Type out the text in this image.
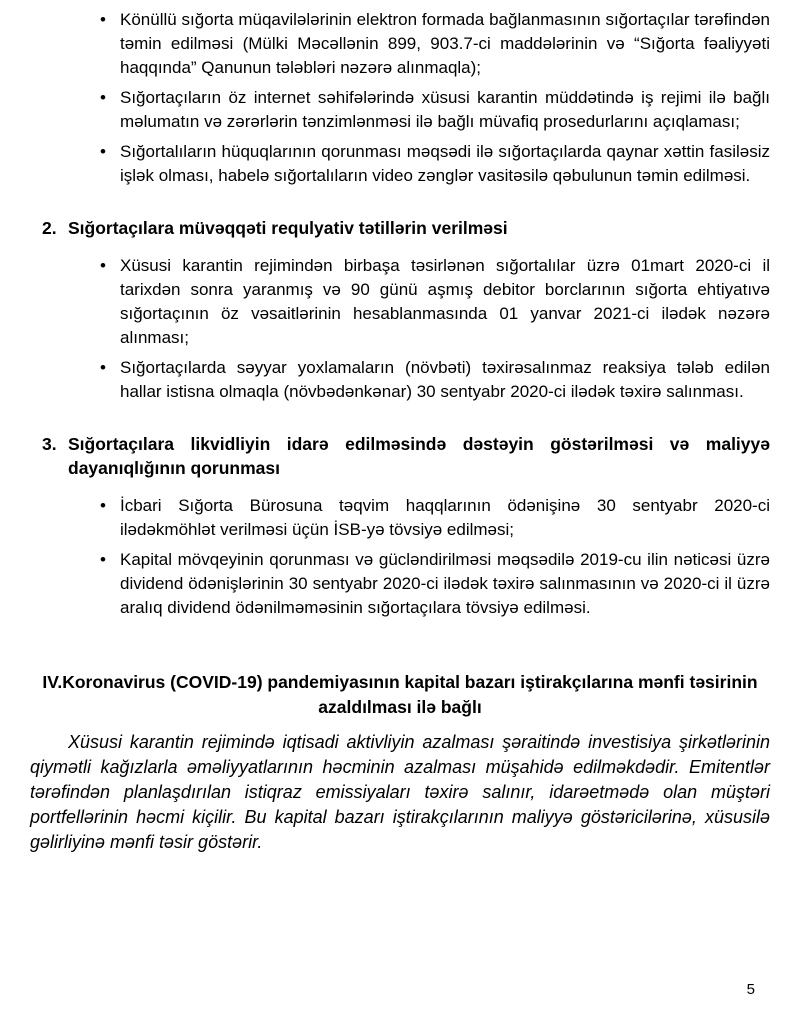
• Könüllü sığorta müqavilələrinin elektron formada bağlanmasının sığortaçılar tərəfindən təmin edilməsi (Mülki Məcəllənin 899, 903.7-ci maddələrinin və “Sığorta fəaliyyəti haqqında” Qanunun tələbləri nəzərə alınmaqla);
• Sığortaçıların öz internet səhifələrində xüsusi karantin müddətində iş rejimi ilə bağlı məlumatın və zərərlərin tənzimlənməsi ilə bağlı müvafiq prosedurlarını açıqlaması;
• Sığortalıların hüquqlarının qorunması məqsədi ilə sığortaçılarda qaynar xəttin fasiləsiz işlək olması, habelə sığortalıların video zənglər vasitəsilə qəbulunun təmin edilməsi.
2. Sığortaçılara müvəqqəti requlyativ tətillərin verilməsi
• Xüsusi karantin rejimindən birbaşa təsirlənən sığortalılar üzrə 01mart 2020-ci il tarixdən sonra yaranmış və 90 günü aşmış debitor borclarının sığorta ehtiyatıvə sığortaçının öz vəsaitlərinin hesablanmasında 01 yanvar 2021-ci ilədək nəzərə alınması;
• Sığortaçılarda səyyar yoxlamaların (növbəti) təxirəsalınmaz reaksiya tələb edilən hallar istisna olmaqla (növbədənkənar) 30 sentyabr 2020-ci ilədək təxirə salınması.
3. Sığortaçılara likvidliyin idarə edilməsində dəstəyin göstərilməsi və maliyyə dayanıqlığının qorunması
• İcbari Sığorta Bürosuna təqvim haqqlarının ödənişinə 30 sentyabr 2020-ci ilədəkmöhlət verilməsi üçün İSB-yə tövsiyə edilməsi;
• Kapital mövqeyinin qorunması və gücləndirilməsi məqsədilə 2019-cu ilin nəticəsi üzrə dividend ödənişlərinin 30 sentyabr 2020-ci ilədək təxirə salınmasının və 2020-ci il üzrə aralıq dividend ödənilməməsinin sığortaçılara tövsiyə edilməsi.
IV.Koronavirus (COVID-19) pandemiyasının kapital bazarı iştirakçılarına mənfi təsirinin azaldılması ilə bağlı

Xüsusi karantin rejimində iqtisadi aktivliyin azalması şəraitində investisiya şirkətlərinin qiymətli kağızlarla əməliyyatlarının həcminin azalması müşahidə edilməkdədir. Emitentlər tərəfindən planlaşdırılan istiqraz emissiyaları təxirə salınır, idarəetmədə olan müştəri portfellərinin həcmi kiçilir. Bu kapital bazarı iştirakçılarının maliyyə göstəricilərinə, xüsusilə gəlirliyinə mənfi təsir göstərir.

5
